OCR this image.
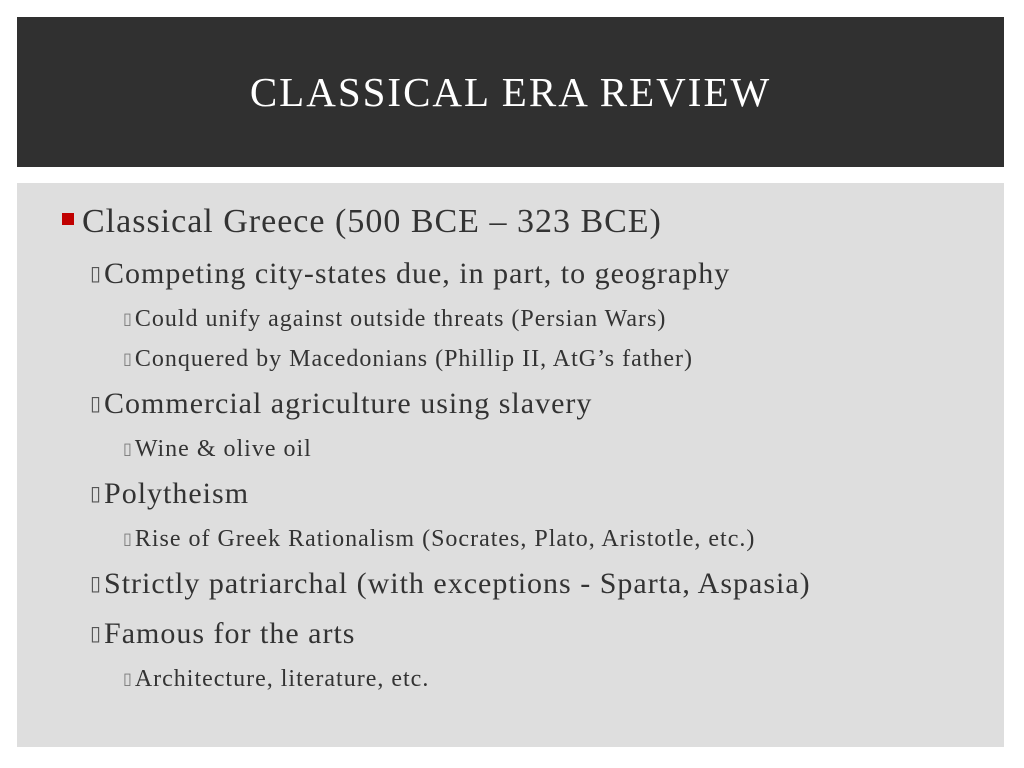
CLASSICAL ERA REVIEW
Classical Greece (500 BCE – 323 BCE)
▯Competing city-states due, in part, to geography
▯Could unify against outside threats (Persian Wars)
▯Conquered by Macedonians (Phillip II, AtG’s father)
▯Commercial agriculture using slavery
▯Wine & olive oil
▯Polytheism
▯Rise of Greek Rationalism (Socrates, Plato, Aristotle, etc.)
▯Strictly patriarchal (with exceptions - Sparta, Aspasia)
▯Famous for the arts
▯Architecture, literature, etc.
